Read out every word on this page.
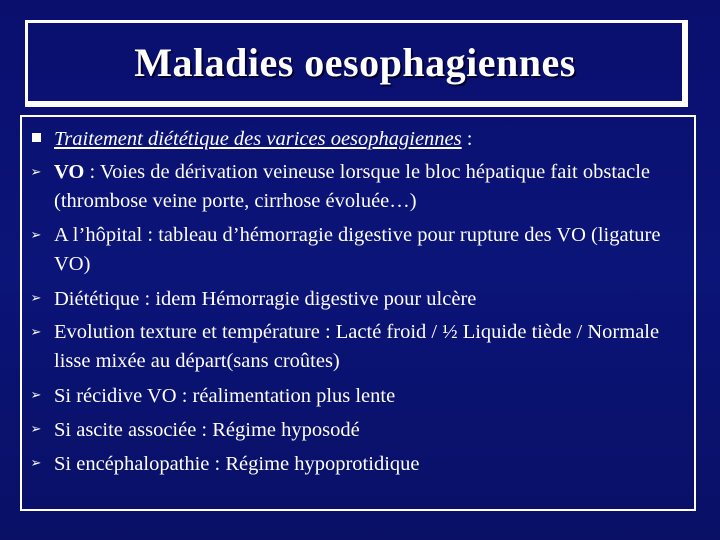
Maladies oesophagiennes
Traitement diététique des varices oesophagiennes :
➢ VO : Voies de dérivation veineuse lorsque le bloc hépatique fait obstacle (thrombose veine porte, cirrhose évoluée…)
➢ A l’hôpital : tableau d’hémorragie digestive pour rupture des VO (ligature VO)
➢ Diététique : idem Hémorragie digestive pour ulcère
➢ Evolution texture et température : Lacté froid / ½ Liquide tiède / Normale lisse mixée au départ(sans croûtes)
➢ Si récidive VO : réalimentation plus lente
➢ Si ascite associée : Régime hyposodé
➢ Si encéphalopathie : Régime hypoprotidique
